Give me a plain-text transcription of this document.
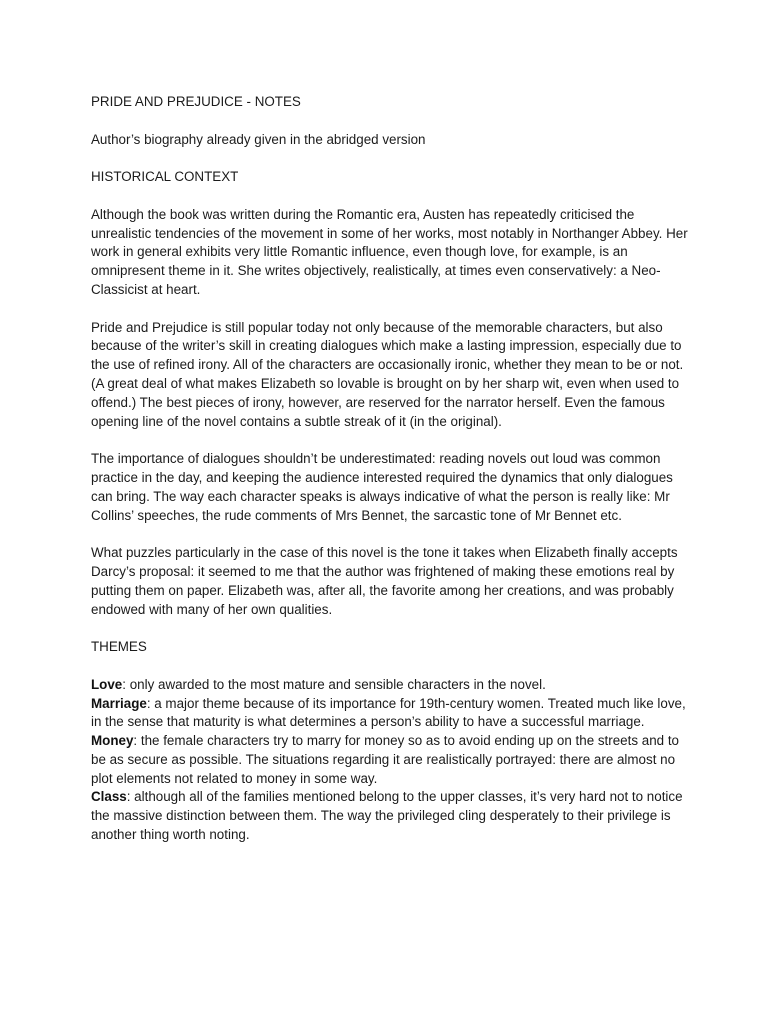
PRIDE AND PREJUDICE - NOTES

Author’s biography already given in the abridged version

HISTORICAL CONTEXT

Although the book was written during the Romantic era, Austen has repeatedly criticised the unrealistic tendencies of the movement in some of her works, most notably in Northanger Abbey. Her work in general exhibits very little Romantic influence, even though love, for example, is an omnipresent theme in it. She writes objectively, realistically, at times even conservatively: a Neo-Classicist at heart.

Pride and Prejudice is still popular today not only because of the memorable characters, but also because of the writer’s skill in creating dialogues which make a lasting impression, especially due to the use of refined irony. All of the characters are occasionally ironic, whether they mean to be or not. (A great deal of what makes Elizabeth so lovable is brought on by her sharp wit, even when used to offend.) The best pieces of irony, however, are reserved for the narrator herself. Even the famous opening line of the novel contains a subtle streak of it (in the original).

The importance of dialogues shouldn’t be underestimated: reading novels out loud was common practice in the day, and keeping the audience interested required the dynamics that only dialogues can bring. The way each character speaks is always indicative of what the person is really like: Mr Collins’ speeches, the rude comments of Mrs Bennet, the sarcastic tone of Mr Bennet etc.

What puzzles particularly in the case of this novel is the tone it takes when Elizabeth finally accepts Darcy’s proposal: it seemed to me that the author was frightened of making these emotions real by putting them on paper. Elizabeth was, after all, the favorite among her creations, and was probably endowed with many of her own qualities.

THEMES

Love: only awarded to the most mature and sensible characters in the novel.

Marriage: a major theme because of its importance for 19th-century women. Treated much like love, in the sense that maturity is what determines a person’s ability to have a successful marriage.

Money: the female characters try to marry for money so as to avoid ending up on the streets and to be as secure as possible. The situations regarding it are realistically portrayed: there are almost no plot elements not related to money in some way.

Class: although all of the families mentioned belong to the upper classes, it’s very hard not to notice the massive distinction between them. The way the privileged cling desperately to their privilege is another thing worth noting.
